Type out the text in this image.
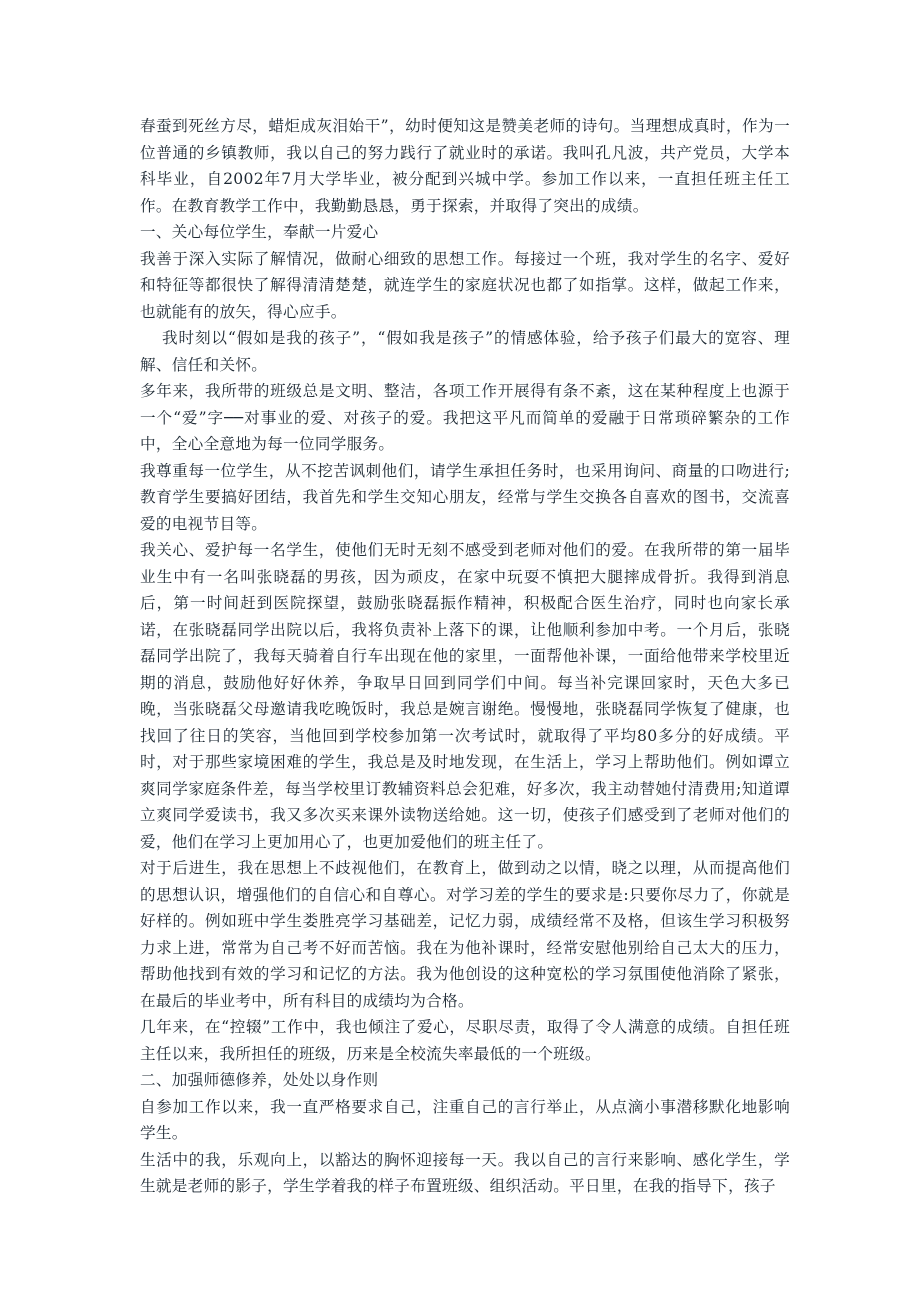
春蚕到死丝方尽，蜡炬成灰泪始干”，幼时便知这是赞美老师的诗句。当理想成真时，作为一位普通的乡镇教师，我以自己的努力践行了就业时的承诺。我叫孔凡波，共产党员，大学本科毕业，自2002年7月大学毕业，被分配到兴城中学。参加工作以来，一直担任班主任工作。在教育教学工作中，我勤勤恳恳，勇于探索，并取得了突出的成绩。

一、关心每位学生，奉献一片爱心

我善于深入实际了解情况，做耐心细致的思想工作。每接过一个班，我对学生的名字、爱好和特征等都很快了解得清清楚楚，就连学生的家庭状况也都了如指掌。这样，做起工作来，也就能有的放矢，得心应手。

我时刻以“假如是我的孩子”，“假如我是孩子”的情感体验，给予孩子们最大的宽容、理解、信任和关怀。

多年来，我所带的班级总是文明、整洁，各项工作开展得有条不紊，这在某种程度上也源于一个“爱”字──对事业的爱、对孩子的爱。我把这平凡而简单的爱融于日常琐碎繁杂的工作中，全心全意地为每一位同学服务。

我尊重每一位学生，从不挖苦讽刺他们，请学生承担任务时，也采用询问、商量的口吻进行;教育学生要搞好团结，我首先和学生交知心朋友，经常与学生交换各自喜欢的图书，交流喜爱的电视节目等。

我关心、爱护每一名学生，使他们无时无刻不感受到老师对他们的爱。在我所带的第一届毕业生中有一名叫张晓磊的男孩，因为顽皮，在家中玩耍不慎把大腿摔成骨折。我得到消息后，第一时间赶到医院探望，鼓励张晓磊振作精神，积极配合医生治疗，同时也向家长承诺，在张晓磊同学出院以后，我将负责补上落下的课，让他顺利参加中考。一个月后，张晓磊同学出院了，我每天骑着自行车出现在他的家里，一面帮他补课，一面给他带来学校里近期的消息，鼓励他好好休养，争取早日回到同学们中间。每当补完课回家时，天色大多已晚，当张晓磊父母邀请我吃晚饭时，我总是婉言谢绝。慢慢地，张晓磊同学恢复了健康，也找回了往日的笑容，当他回到学校参加第一次考试时，就取得了平均80多分的好成绩。平时，对于那些家境困难的学生，我总是及时地发现，在生活上，学习上帮助他们。例如谭立爽同学家庭条件差，每当学校里订教辅资料总会犯难，好多次，我主动替她付清费用;知道谭立爽同学爱读书，我又多次买来课外读物送给她。这一切，使孩子们感受到了老师对他们的爱，他们在学习上更加用心了，也更加爱他们的班主任了。

对于后进生，我在思想上不歧视他们，在教育上，做到动之以情，晓之以理，从而提高他们的思想认识，增强他们的自信心和自尊心。对学习差的学生的要求是:只要你尽力了，你就是好样的。例如班中学生娄胜亮学习基础差，记忆力弱，成绩经常不及格，但该生学习积极努力求上进，常常为自己考不好而苦恼。我在为他补课时，经常安慰他别给自己太大的压力，帮助他找到有效的学习和记忆的方法。我为他创设的这种宽松的学习氛围使他消除了紧张，在最后的毕业考中，所有科目的成绩均为合格。

几年来，在“控辍”工作中，我也倾注了爱心，尽职尽责，取得了令人满意的成绩。自担任班主任以来，我所担任的班级，历来是全校流失率最低的一个班级。

二、加强师德修养，处处以身作则

自参加工作以来，我一直严格要求自己，注重自己的言行举止，从点滴小事潜移默化地影响学生。

生活中的我，乐观向上，以豁达的胸怀迎接每一天。我以自己的言行来影响、感化学生，学生就是老师的影子，学生学着我的样子布置班级、组织活动。平日里，在我的指导下，孩子
